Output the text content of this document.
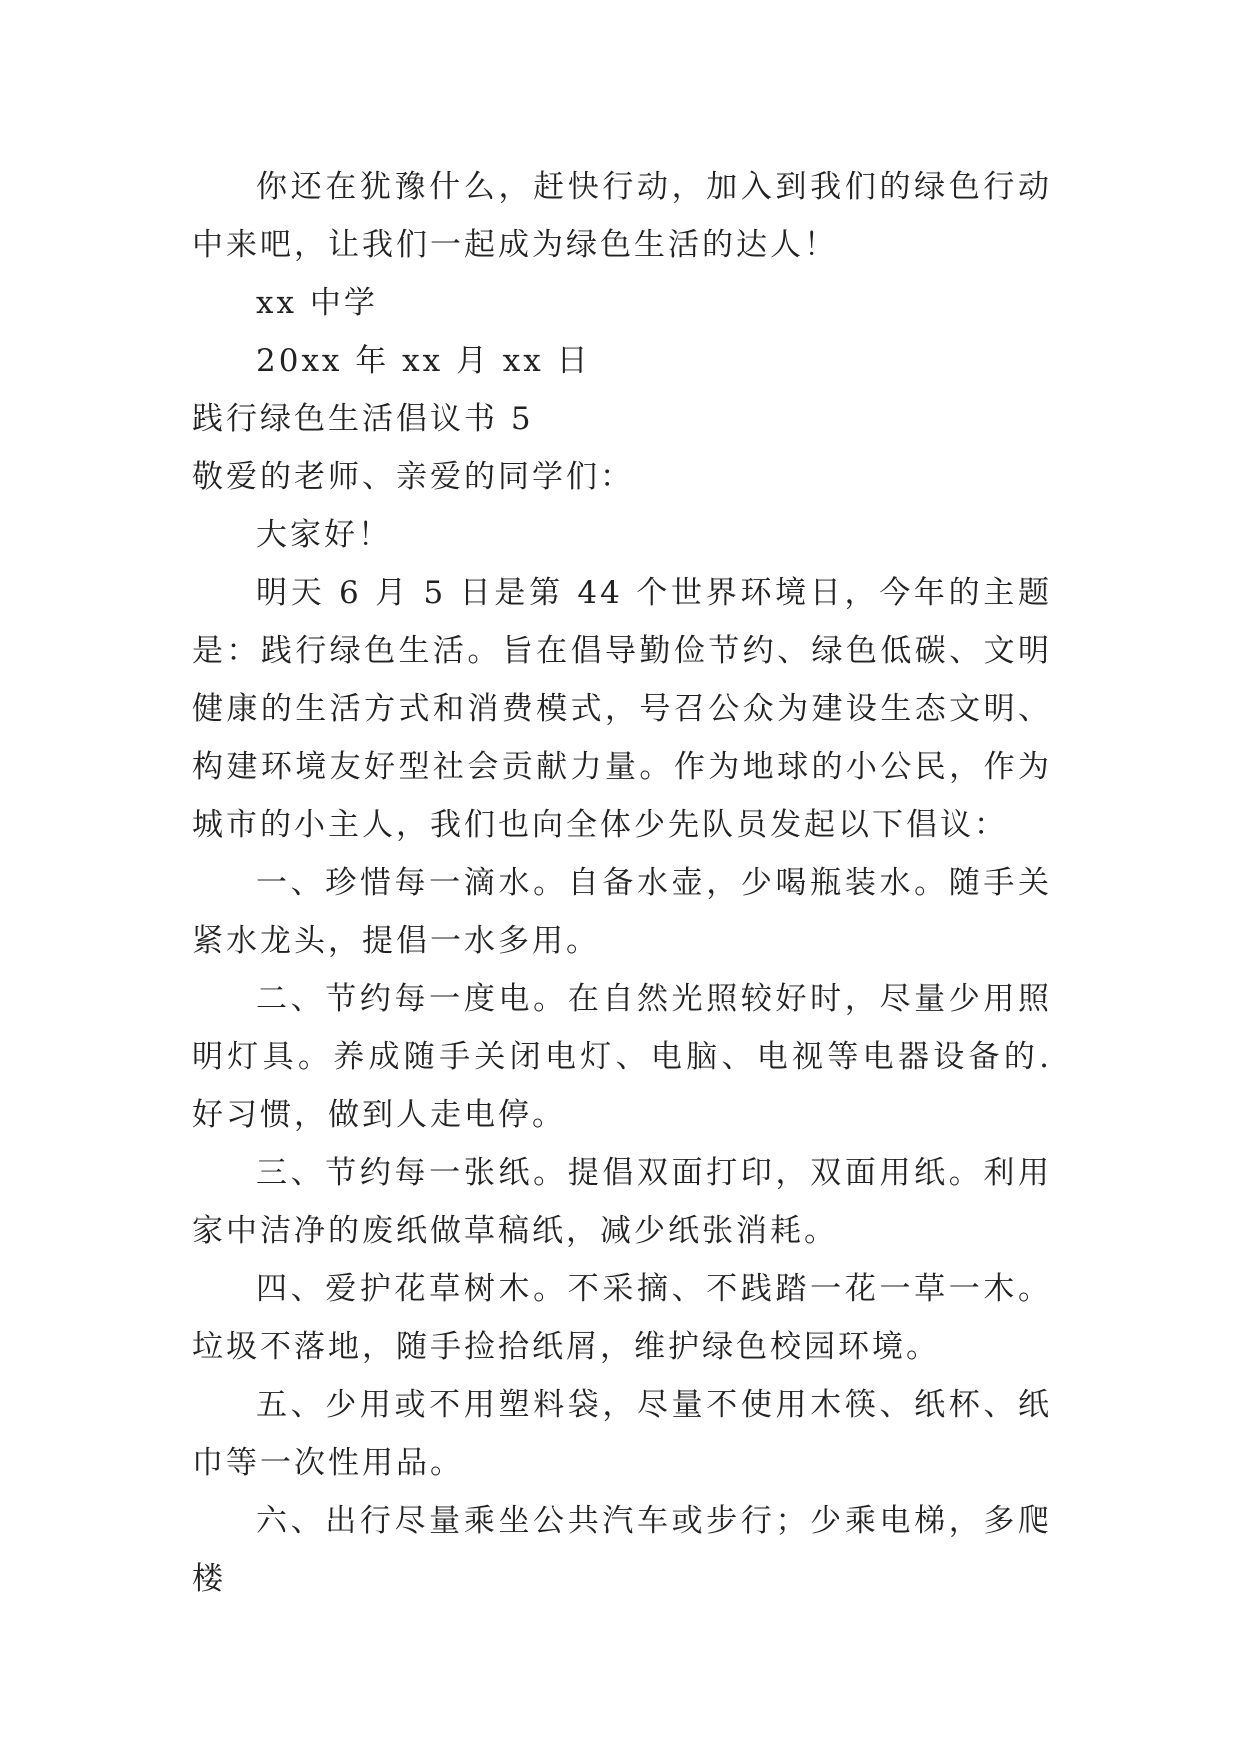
你还在犹豫什么，赶快行动，加入到我们的绿色行动中来吧，让我们一起成为绿色生活的达人！

xx 中学

20xx 年 xx 月 xx 日

践行绿色生活倡议书 5

敬爱的老师、亲爱的同学们：

大家好！

明天 6 月 5 日是第 44 个世界环境日，今年的主题是：践行绿色生活。旨在倡导勤俭节约、绿色低碳、文明健康的生活方式和消费模式，号召公众为建设生态文明、构建环境友好型社会贡献力量。作为地球的小公民，作为城市的小主人，我们也向全体少先队员发起以下倡议：

一、珍惜每一滴水。自备水壶，少喝瓶装水。随手关紧水龙头，提倡一水多用。

二、节约每一度电。在自然光照较好时，尽量少用照明灯具。养成随手关闭电灯、电脑、电视等电器设备的.好习惯，做到人走电停。

三、节约每一张纸。提倡双面打印，双面用纸。利用家中洁净的废纸做草稿纸，减少纸张消耗。

四、爱护花草树木。不采摘、不践踏一花一草一木。垃圾不落地，随手捡拾纸屑，维护绿色校园环境。

五、少用或不用塑料袋，尽量不使用木筷、纸杯、纸巾等一次性用品。

六、出行尽量乘坐公共汽车或步行；少乘电梯，多爬楼
